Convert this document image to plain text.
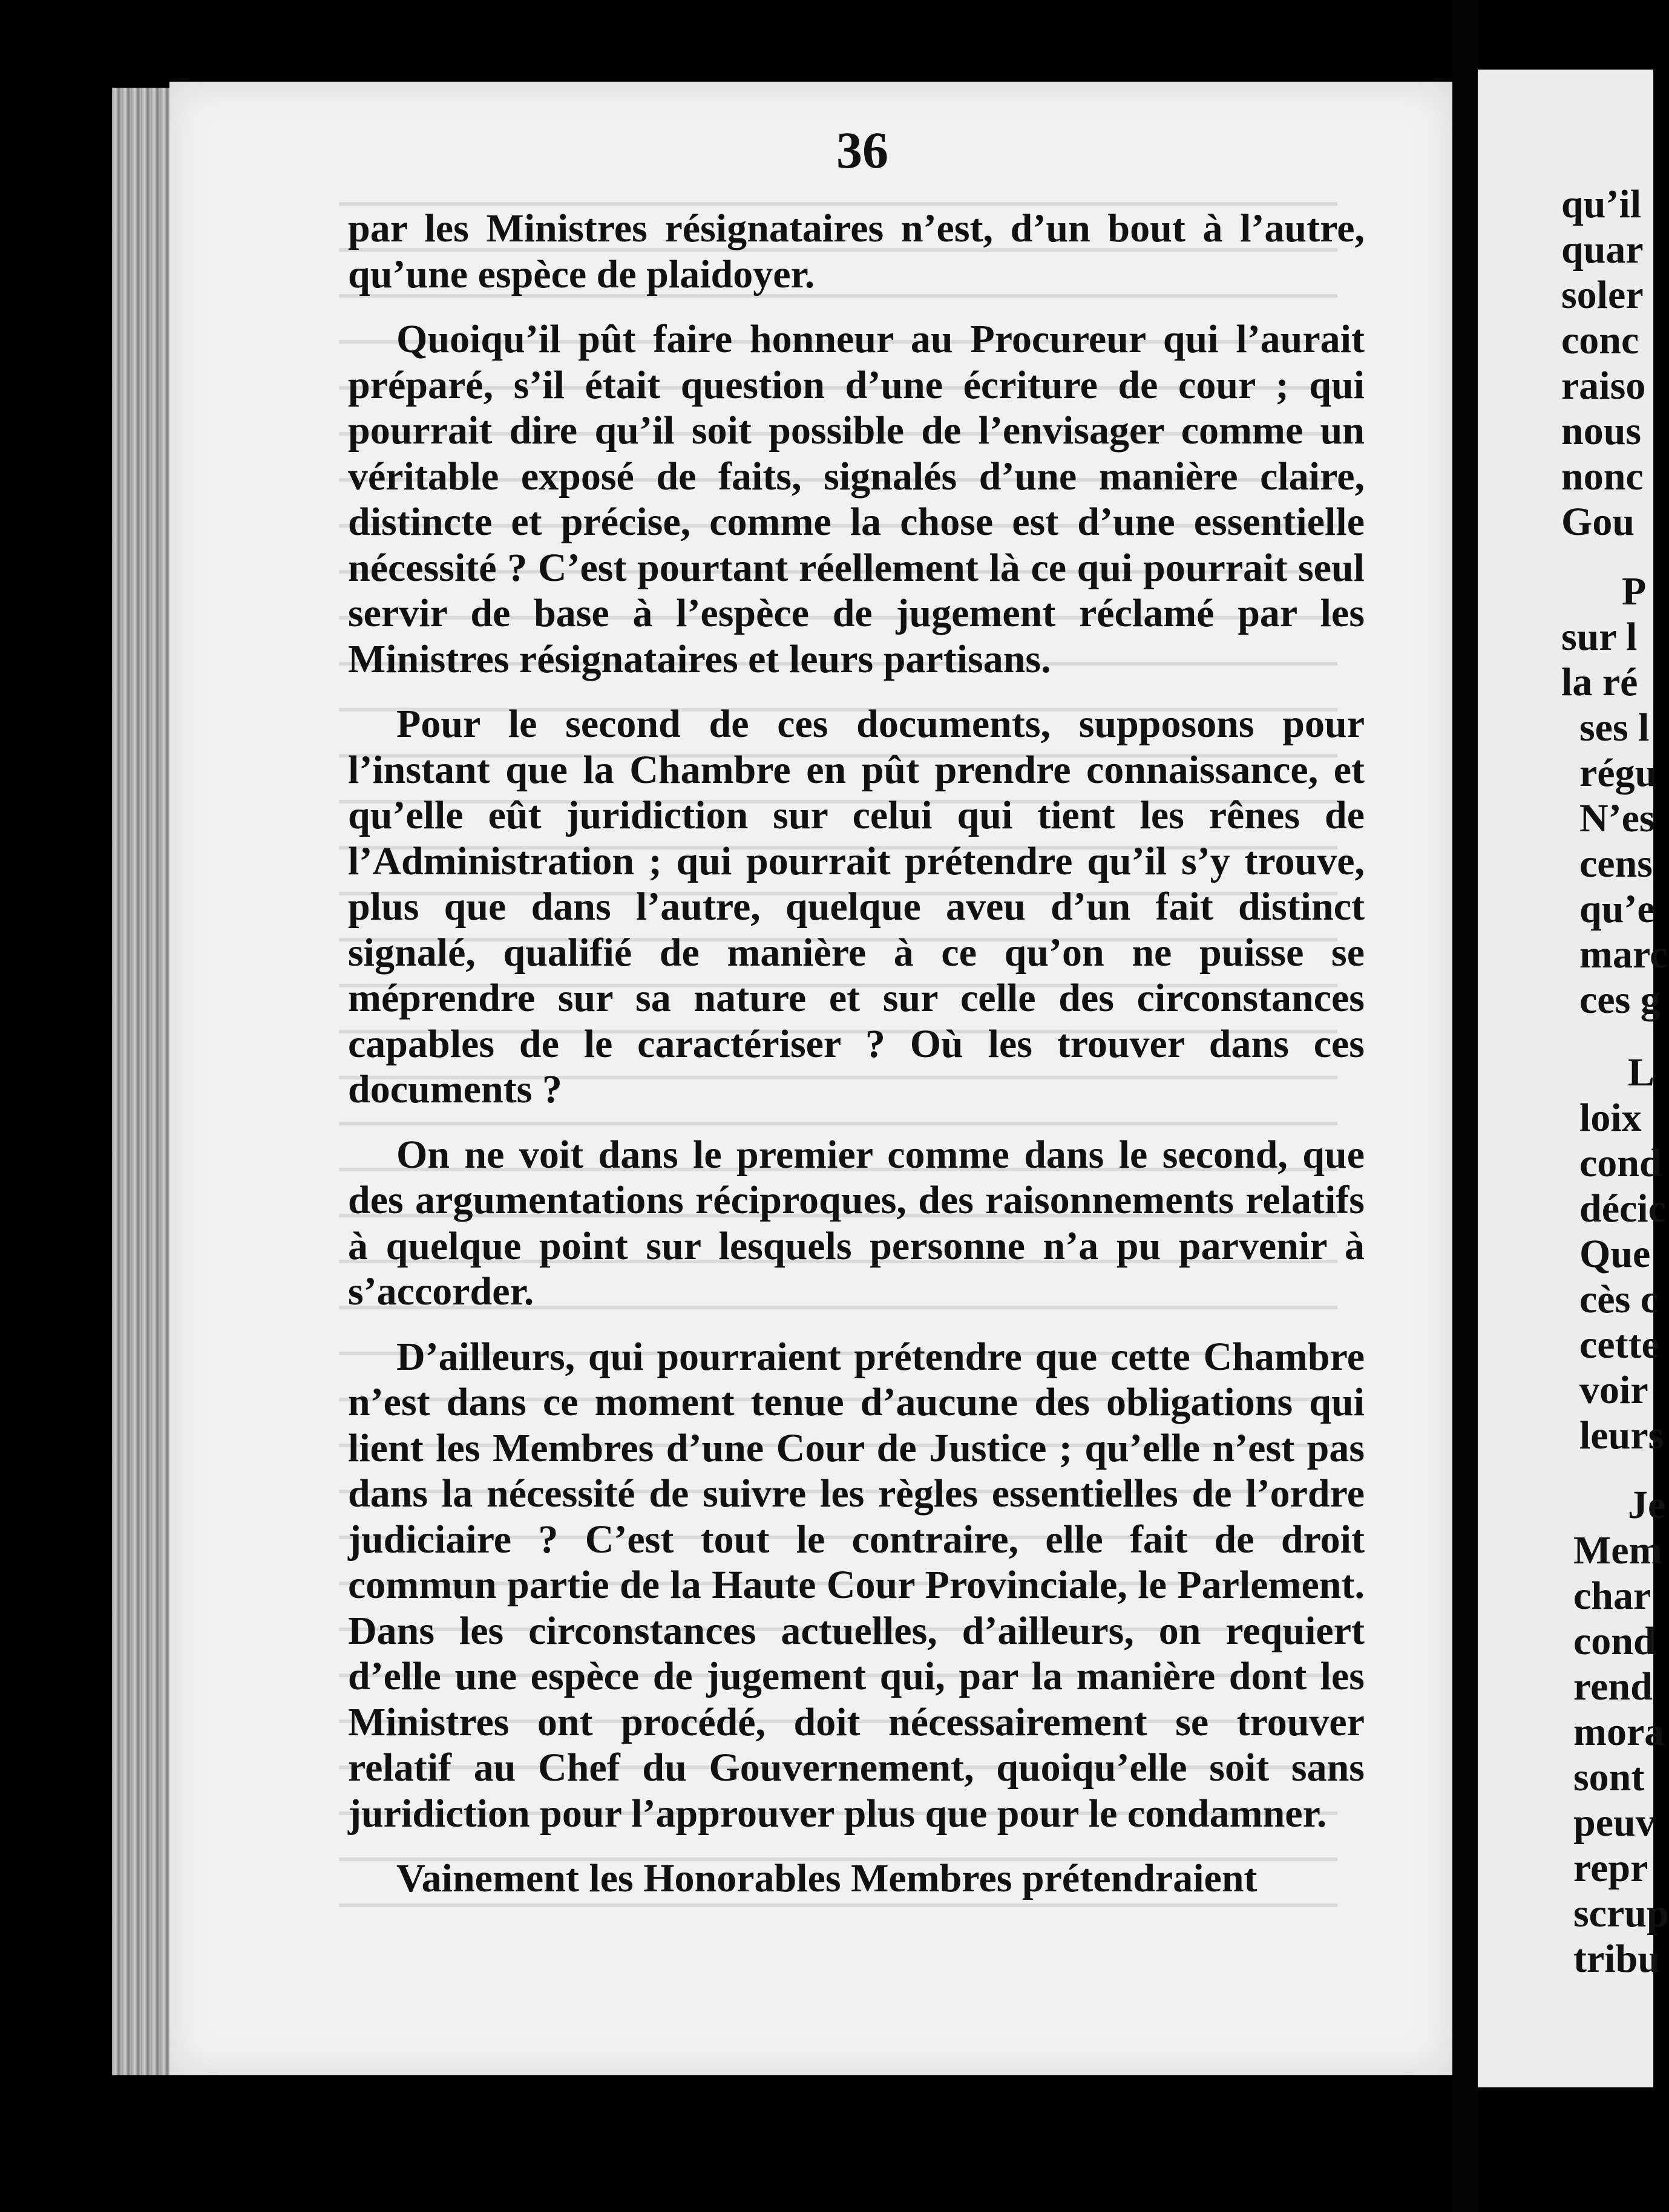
36

par les Ministres résignataires n’est, d’un bout à l’autre, qu’une espèce de plaidoyer.

Quoiqu’il pût faire honneur au Procureur qui l’aurait préparé, s’il était question d’une écriture de cour ; qui pourrait dire qu’il soit possible de l’envisager comme un véritable exposé de faits, signalés d’une manière claire, distincte et précise, comme la chose est d’une essentielle nécessité ? C’est pourtant réellement là ce qui pourrait seul servir de base à l’espèce de jugement réclamé par les Ministres résignataires et leurs partisans.

Pour le second de ces documents, supposons pour l’instant que la Chambre en pût prendre connaissance, et qu’elle eût juridiction sur celui qui tient les rênes de l’Administration ; qui pourrait prétendre qu’il s’y trouve, plus que dans l’autre, quelque aveu d’un fait distinct signalé, qualifié de manière à ce qu’on ne puisse se méprendre sur sa nature et sur celle des circonstances capables de le caractériser ? Où les trouver dans ces documents ?

On ne voit dans le premier comme dans le second, que des argumentations réciproques, des raisonnements relatifs à quelque point sur lesquels personne n’a pu parvenir à s’accorder.

D’ailleurs, qui pourraient prétendre que cette Chambre n’est dans ce moment tenue d’aucune des obligations qui lient les Membres d’une Cour de Justice ; qu’elle n’est pas dans la nécessité de suivre les règles essentielles de l’ordre judiciaire ? C’est tout le contraire, elle fait de droit commun partie de la Haute Cour Provinciale, le Parlement. Dans les circonstances actuelles, d’ailleurs, on requiert d’elle une espèce de jugement qui, par la manière dont les Ministres ont procédé, doit nécessairement se trouver relatif au Chef du Gouvernement, quoiqu’elle soit sans juridiction pour l’approuver plus que pour le condamner.

Vainement les Honorables Membres prétendraient

qu’il
quar
soler
conc
raiso
nous
nonc
Gou
P
sur l
la ré
ses l
régu
N’es
cens
qu’e
marc
ces g
L
loix
cond
décic
Que
cès c
cette
voir
leurs
Je
Mem
char
cond
rend
mora
sont
peuv
repr
scrup
tribu
